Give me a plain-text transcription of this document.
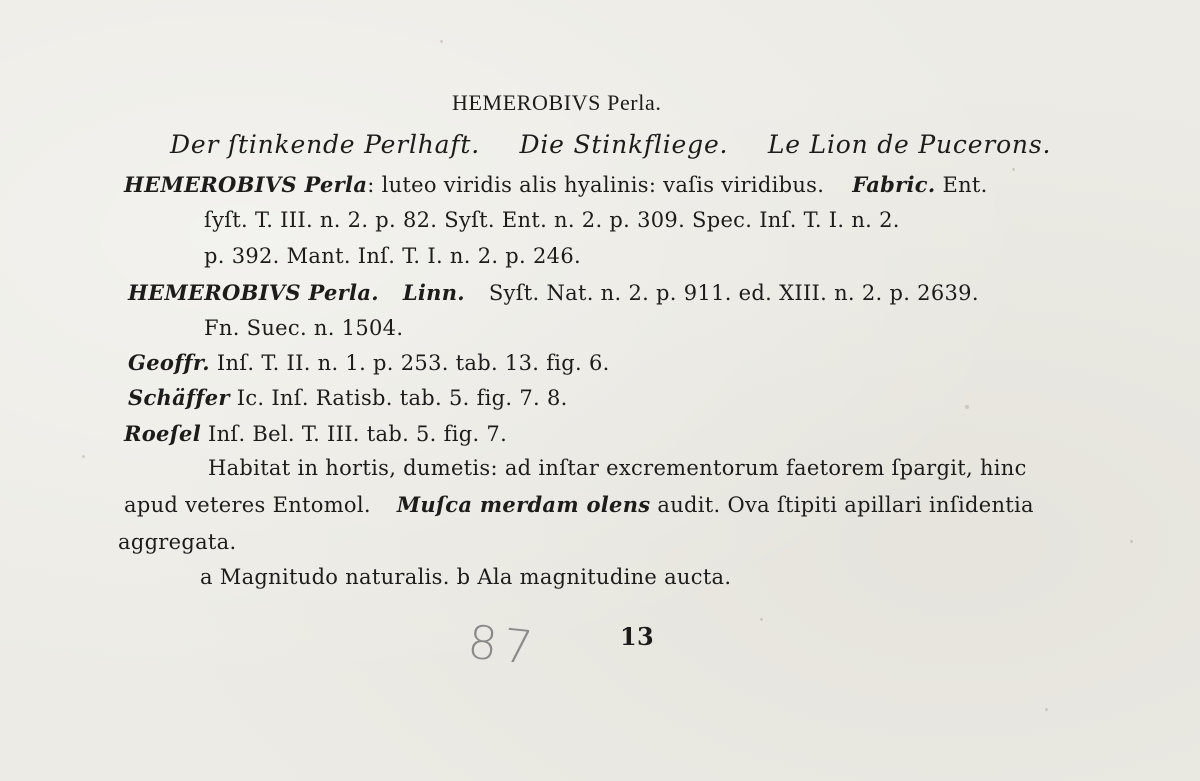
HEMEROBIVS Perla.
Der ſtinkende Perlhaft. Die Stinkfliege. Le Lion de Pucerons.
HEMEROBIVS Perla: luteo viridis alis hyalinis: vaſis viridibus. Fabric. Ent.
ſyſt. T. III. n. 2. p. 82. Syſt. Ent. n. 2. p. 309. Spec. Inſ. T. I. n. 2.
p. 392. Mant. Inſ. T. I. n. 2. p. 246.
HEMEROBIVS Perla. Linn. Syſt. Nat. n. 2. p. 911. ed. XIII. n. 2. p. 2639.
Fn. Suec. n. 1504.
Geoffr. Inſ. T. II. n. 1. p. 253. tab. 13. fig. 6.
Schäffer Ic. Inſ. Ratisb. tab. 5. fig. 7. 8.
Roeſel Inſ. Bel. T. III. tab. 5. fig. 7.
Habitat in hortis, dumetis: ad inſtar excrementorum faetorem ſpargit, hinc
apud veteres Entomol. Muſca merdam olens audit. Ova ſtipiti apillari inſidentia
aggregata.
a Magnitudo naturalis. b Ala magnitudine aucta.
87	13
